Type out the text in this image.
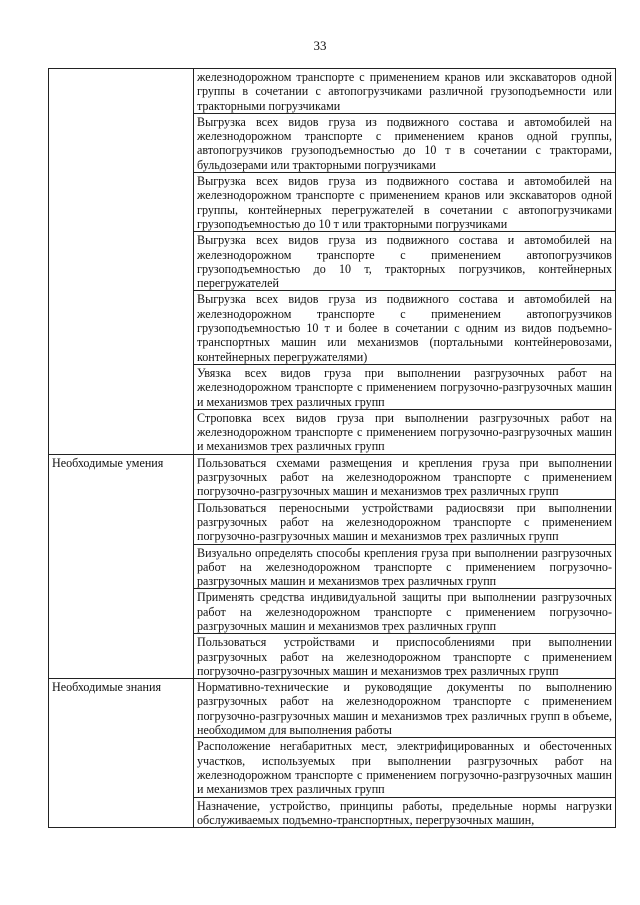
33
	железнодорожном транспорте с применением кранов или экскаваторов одной группы в сочетании с автопогрузчиками различной грузоподъемности или тракторными погрузчиками
	Выгрузка всех видов груза из подвижного состава и автомобилей на железнодорожном транспорте с применением кранов одной группы, автопогрузчиков грузоподъемностью до 10 т в сочетании с тракторами, бульдозерами или тракторными погрузчиками
	Выгрузка всех видов груза из подвижного состава и автомобилей на железнодорожном транспорте с применением кранов или экскаваторов одной группы, контейнерных перегружателей в сочетании с автопогрузчиками грузоподъемностью до 10 т или тракторными погрузчиками
	Выгрузка всех видов груза из подвижного состава и автомобилей на железнодорожном транспорте с применением автопогрузчиков грузоподъемностью до 10 т, тракторных погрузчиков, контейнерных перегружателей
	Выгрузка всех видов груза из подвижного состава и автомобилей на железнодорожном транспорте с применением автопогрузчиков грузоподъемностью 10 т и более в сочетании с одним из видов подъемно-транспортных машин или механизмов (портальными контейнеровозами, контейнерных перегружателями)
	Увязка всех видов груза при выполнении разгрузочных работ на железнодорожном транспорте с применением погрузочно-разгрузочных машин и механизмов трех различных групп
	Строповка всех видов груза при выполнении разгрузочных работ на железнодорожном транспорте с применением погрузочно-разгрузочных машин и механизмов трех различных групп
Необходимые умения	Пользоваться схемами размещения и крепления груза при выполнении разгрузочных работ на железнодорожном транспорте с применением погрузочно-разгрузочных машин и механизмов трех различных групп
	Пользоваться переносными устройствами радиосвязи при выполнении разгрузочных работ на железнодорожном транспорте с применением погрузочно-разгрузочных машин и механизмов трех различных групп
	Визуально определять способы крепления груза при выполнении разгрузочных работ на железнодорожном транспорте с применением погрузочно-разгрузочных машин и механизмов трех различных групп
	Применять средства индивидуальной защиты при выполнении разгрузочных работ на железнодорожном транспорте с применением погрузочно-разгрузочных машин и механизмов трех различных групп
	Пользоваться устройствами и приспособлениями при выполнении разгрузочных работ на железнодорожном транспорте с применением погрузочно-разгрузочных машин и механизмов трех различных групп
Необходимые знания	Нормативно-технические и руководящие документы по выполнению разгрузочных работ на железнодорожном транспорте с применением погрузочно-разгрузочных машин и механизмов трех различных групп в объеме, необходимом для выполнения работы
	Расположение негабаритных мест, электрифицированных и обесточенных участков, используемых при выполнении разгрузочных работ на железнодорожном транспорте с применением погрузочно-разгрузочных машин и механизмов трех различных групп
	Назначение, устройство, принципы работы, предельные нормы нагрузки обслуживаемых подъемно-транспортных, перегрузочных машин,
